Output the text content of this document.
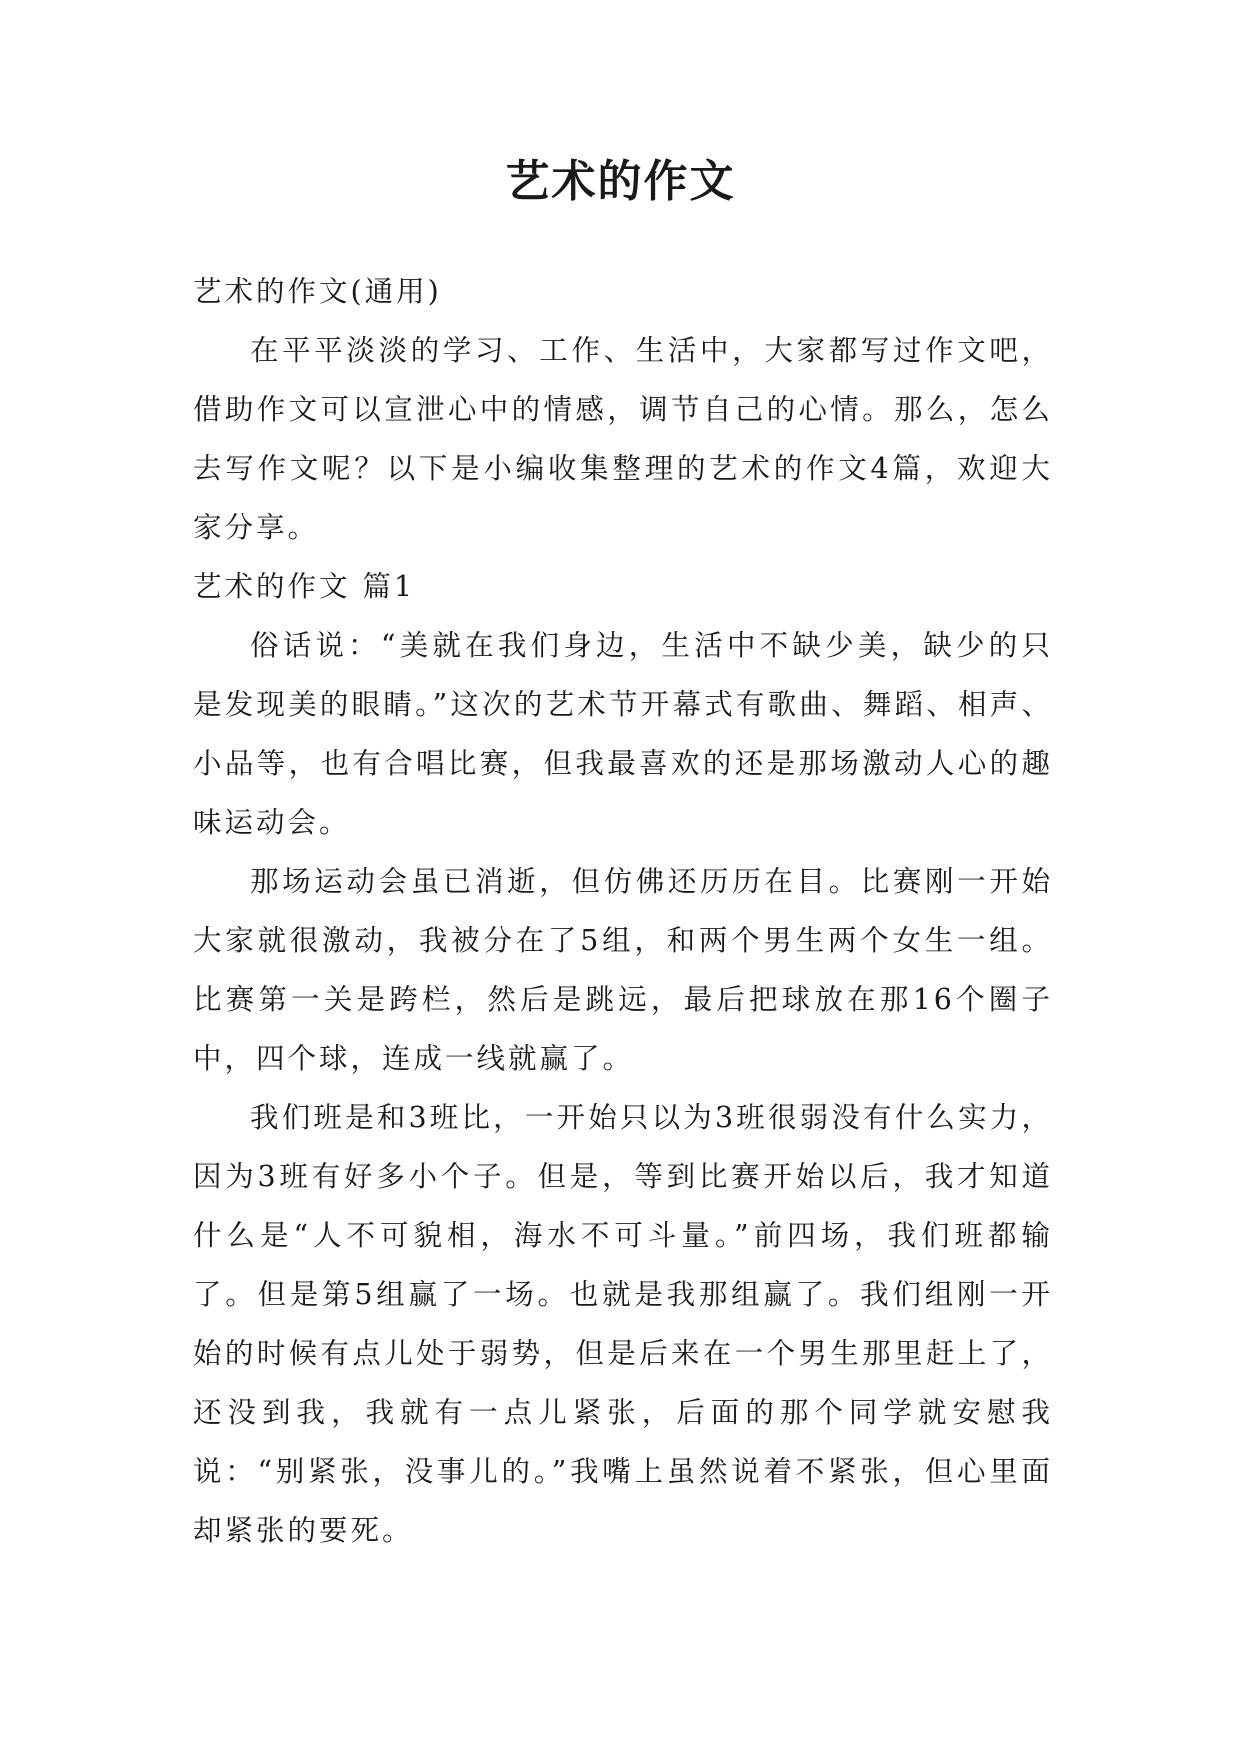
艺术的作文

艺术的作文(通用)

在平平淡淡的学习、工作、生活中，大家都写过作文吧，借助作文可以宣泄心中的情感，调节自己的心情。那么，怎么去写作文呢？以下是小编收集整理的艺术的作文4篇，欢迎大家分享。

艺术的作文 篇1

俗话说：“美就在我们身边，生活中不缺少美，缺少的只是发现美的眼睛。”这次的艺术节开幕式有歌曲、舞蹈、相声、小品等，也有合唱比赛，但我最喜欢的还是那场激动人心的趣味运动会。

那场运动会虽已消逝，但仿佛还历历在目。比赛刚一开始大家就很激动，我被分在了5组，和两个男生两个女生一组。比赛第一关是跨栏，然后是跳远，最后把球放在那16个圈子中，四个球，连成一线就赢了。

我们班是和3班比，一开始只以为3班很弱没有什么实力，因为3班有好多小个子。但是，等到比赛开始以后，我才知道什么是“人不可貌相，海水不可斗量。”前四场，我们班都输了。但是第5组赢了一场。也就是我那组赢了。我们组刚一开始的时候有点儿处于弱势，但是后来在一个男生那里赶上了，还没到我，我就有一点儿紧张，后面的那个同学就安慰我说：“别紧张，没事儿的。”我嘴上虽然说着不紧张，但心里面却紧张的要死。
